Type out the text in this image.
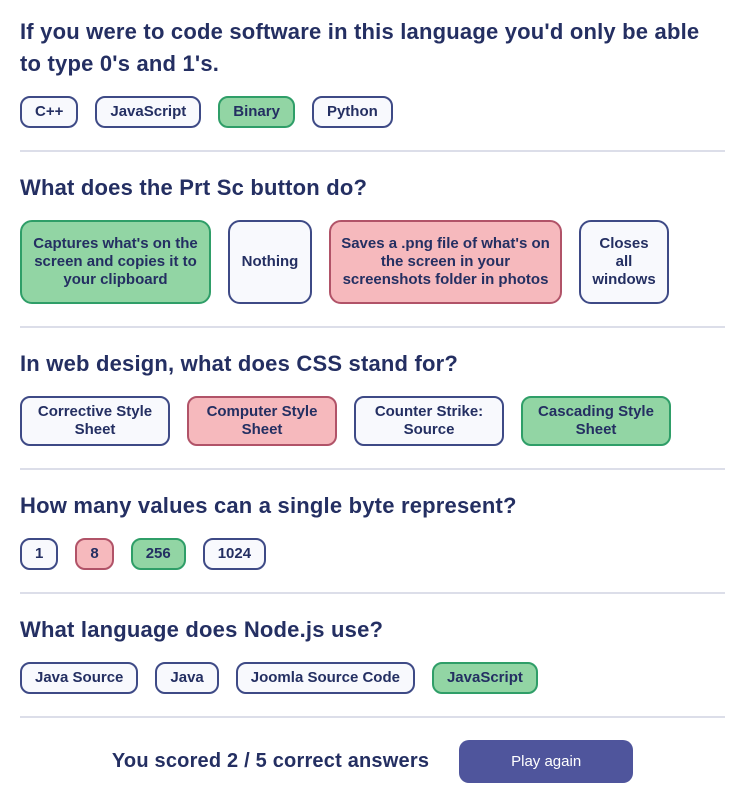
If you were to code software in this language you'd only be able to type 0's and 1's.
C++	JavaScript	Binary	Python
What does the Prt Sc button do?
Captures what's on the screen and copies it to your clipboard
Nothing
Saves a .png file of what's on the screen in your screenshots folder in photos
Closes all windows
In web design, what does CSS stand for?
Corrective Style Sheet
Computer Style Sheet
Counter Strike: Source
Cascading Style Sheet
How many values can a single byte represent?
1	8	256	1024
What language does Node.js use?
Java Source	Java	Joomla Source Code	JavaScript
You scored 2 / 5 correct answers	Play again
